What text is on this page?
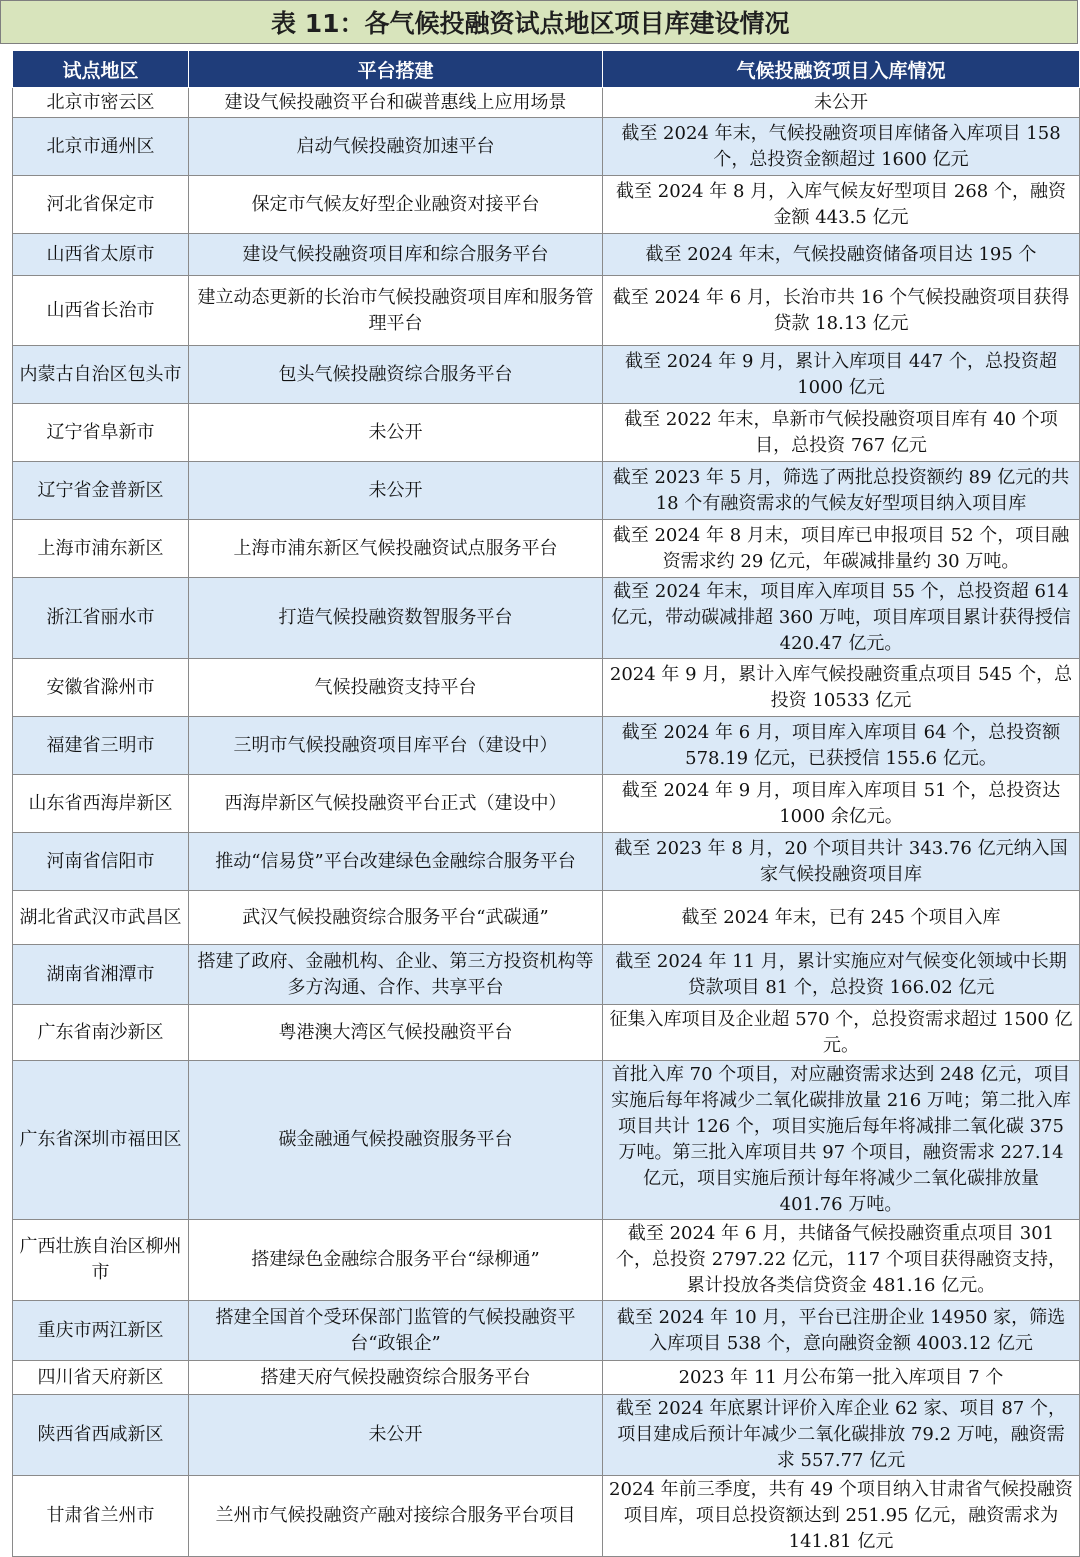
表 11：各气候投融资试点地区项目库建设情况
试点地区	平台搭建	气候投融资项目入库情况
北京市密云区	建设气候投融资平台和碳普惠线上应用场景	未公开
北京市通州区	启动气候投融资加速平台	截至 2024 年末，气候投融资项目库储备入库项目 158 个，总投资金额超过 1600 亿元
河北省保定市	保定市气候友好型企业融资对接平台	截至 2024 年 8 月，入库气候友好型项目 268 个，融资金额 443.5 亿元
山西省太原市	建设气候投融资项目库和综合服务平台	截至 2024 年末，气候投融资储备项目达 195 个
山西省长治市	建立动态更新的长治市气候投融资项目库和服务管理平台	截至 2024 年 6 月，长治市共 16 个气候投融资项目获得贷款 18.13 亿元
内蒙古自治区包头市	包头气候投融资综合服务平台	截至 2024 年 9 月，累计入库项目 447 个，总投资超 1000 亿元
辽宁省阜新市	未公开	截至 2022 年末，阜新市气候投融资项目库有 40 个项目，总投资 767 亿元
辽宁省金普新区	未公开	截至 2023 年 5 月，筛选了两批总投资额约 89 亿元的共 18 个有融资需求的气候友好型项目纳入项目库
上海市浦东新区	上海市浦东新区气候投融资试点服务平台	截至 2024 年 8 月末，项目库已申报项目 52 个，项目融资需求约 29 亿元，年碳减排量约 30 万吨。
浙江省丽水市	打造气候投融资数智服务平台	截至 2024 年末，项目库入库项目 55 个，总投资超 614 亿元，带动碳减排超 360 万吨，项目库项目累计获得授信 420.47 亿元。
安徽省滁州市	气候投融资支持平台	2024 年 9 月，累计入库气候投融资重点项目 545 个，总投资 10533 亿元
福建省三明市	三明市气候投融资项目库平台（建设中）	截至 2024 年 6 月，项目库入库项目 64 个，总投资额 578.19 亿元，已获授信 155.6 亿元。
山东省西海岸新区	西海岸新区气候投融资平台正式（建设中）	截至 2024 年 9 月，项目库入库项目 51 个，总投资达 1000 余亿元。
河南省信阳市	推动“信易贷”平台改建绿色金融综合服务平台	截至 2023 年 8 月，20 个项目共计 343.76 亿元纳入国家气候投融资项目库
湖北省武汉市武昌区	武汉气候投融资综合服务平台“武碳通”	截至 2024 年末，已有 245 个项目入库
湖南省湘潭市	搭建了政府、金融机构、企业、第三方投资机构等多方沟通、合作、共享平台	截至 2024 年 11 月，累计实施应对气候变化领域中长期贷款项目 81 个，总投资 166.02 亿元
广东省南沙新区	粤港澳大湾区气候投融资平台	征集入库项目及企业超 570 个，总投资需求超过 1500 亿元。
广东省深圳市福田区	碳金融通气候投融资服务平台	首批入库 70 个项目，对应融资需求达到 248 亿元，项目实施后每年将减少二氧化碳排放量 216 万吨；第二批入库项目共计 126 个，项目实施后每年将减排二氧化碳 375 万吨。第三批入库项目共 97 个项目，融资需求 227.14 亿元，项目实施后预计每年将减少二氧化碳排放量 401.76 万吨。
广西壮族自治区柳州市	搭建绿色金融综合服务平台“绿柳通”	截至 2024 年 6 月，共储备气候投融资重点项目 301 个，总投资 2797.22 亿元，117 个项目获得融资支持，累计投放各类信贷资金 481.16 亿元。
重庆市两江新区	搭建全国首个受环保部门监管的气候投融资平台“政银企”	截至 2024 年 10 月，平台已注册企业 14950 家，筛选入库项目 538 个，意向融资金额 4003.12 亿元
四川省天府新区	搭建天府气候投融资综合服务平台	2023 年 11 月公布第一批入库项目 7 个
陕西省西咸新区	未公开	截至 2024 年底累计评价入库企业 62 家、项目 87 个，项目建成后预计年减少二氧化碳排放 79.2 万吨，融资需求 557.77 亿元
甘肃省兰州市	兰州市气候投融资产融对接综合服务平台项目	2024 年前三季度，共有 49 个项目纳入甘肃省气候投融资项目库，项目总投资额达到 251.95 亿元，融资需求为 141.81 亿元
